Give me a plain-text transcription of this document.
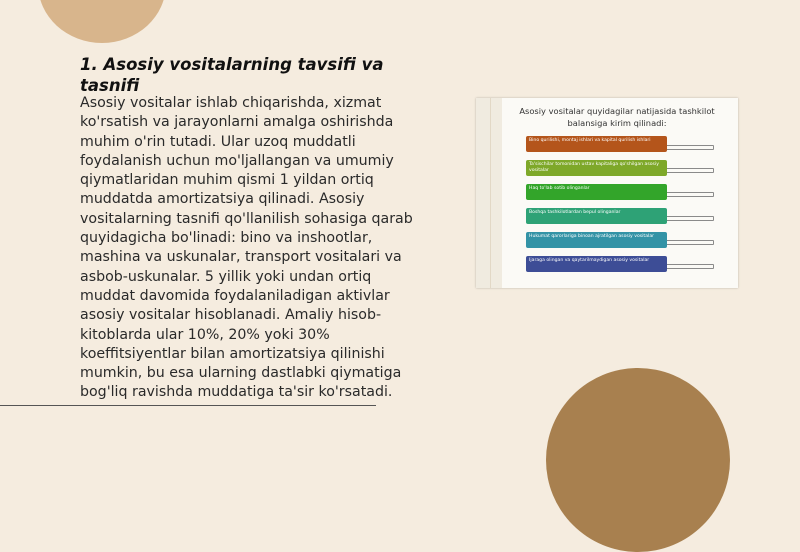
1. Asosiy vositalarning tavsifi va tasnifi

Asosiy vositalar ishlab chiqarishda, xizmat ko'rsatish va jarayonlarni amalga oshirishda muhim o'rin tutadi. Ular uzoq muddatli foydalanish uchun mo'ljallangan va umumiy qiymatlaridan muhim qismi 1 yildan ortiq muddatda amortizatsiya qilinadi. Asosiy vositalarning tasnifi qo'llanilish sohasiga qarab quyidagicha bo'linadi: bino va inshootlar, mashina va uskunalar, transport vositalari va asbob-uskunalar. 5 yillik yoki undan ortiq muddat davomida foydalaniladigan aktivlar asosiy vositalar hisoblanadi. Amaliy hisob-kitoblarda ular 10%, 20% yoki 30% koeffitsiyentlar bilan amortizatsiya qilinishi mumkin, bu esa ularning dastlabki qiymatiga bog'liq ravishda muddatiga ta'sir ko'rsatadi.

Asosiy vositalar quyidagilar natijasida tashkilot balansiga kirim qilinadi:

Bino qurilishi, montaj ishlari va kapital qurilish ishlari
Ta'sischilar tomonidan ustav kapitaliga qo'shilgan asosiy vositalar
Haq to'lab sotib olinganlar
Boshqa tashkilotlardan bepul olinganlar
Hukumat qarorlariga binoan ajratilgan asosiy vositalar
Ijaraga olingan va qaytarilmaydigan asosiy vositalar
